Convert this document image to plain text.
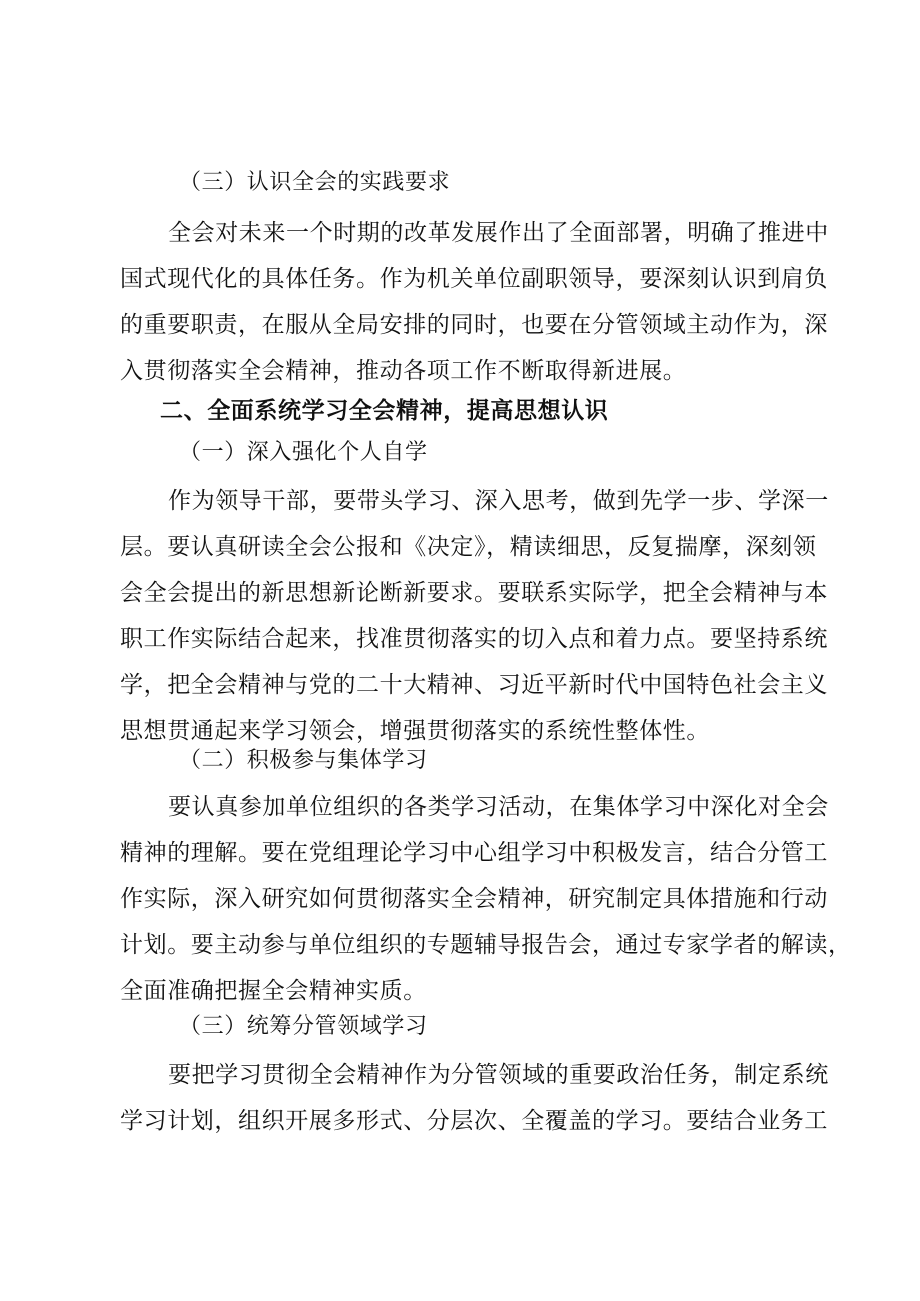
（三）认识全会的实践要求
全会对未来一个时期的改革发展作出了全面部署，明确了推进中
国式现代化的具体任务。作为机关单位副职领导，要深刻认识到肩负
的重要职责，在服从全局安排的同时，也要在分管领域主动作为，深
入贯彻落实全会精神，推动各项工作不断取得新进展。
二、全面系统学习全会精神，提高思想认识
（一）深入强化个人自学
作为领导干部，要带头学习、深入思考，做到先学一步、学深一
层。要认真研读全会公报和《决定》，精读细思，反复揣摩，深刻领
会全会提出的新思想新论断新要求。要联系实际学，把全会精神与本
职工作实际结合起来，找准贯彻落实的切入点和着力点。要坚持系统
学，把全会精神与党的二十大精神、习近平新时代中国特色社会主义
思想贯通起来学习领会，增强贯彻落实的系统性整体性。
（二）积极参与集体学习
要认真参加单位组织的各类学习活动，在集体学习中深化对全会
精神的理解。要在党组理论学习中心组学习中积极发言，结合分管工
作实际，深入研究如何贯彻落实全会精神，研究制定具体措施和行动
计划。要主动参与单位组织的专题辅导报告会，通过专家学者的解读，
全面准确把握全会精神实质。
（三）统筹分管领域学习
要把学习贯彻全会精神作为分管领域的重要政治任务，制定系统
学习计划，组织开展多形式、分层次、全覆盖的学习。要结合业务工
